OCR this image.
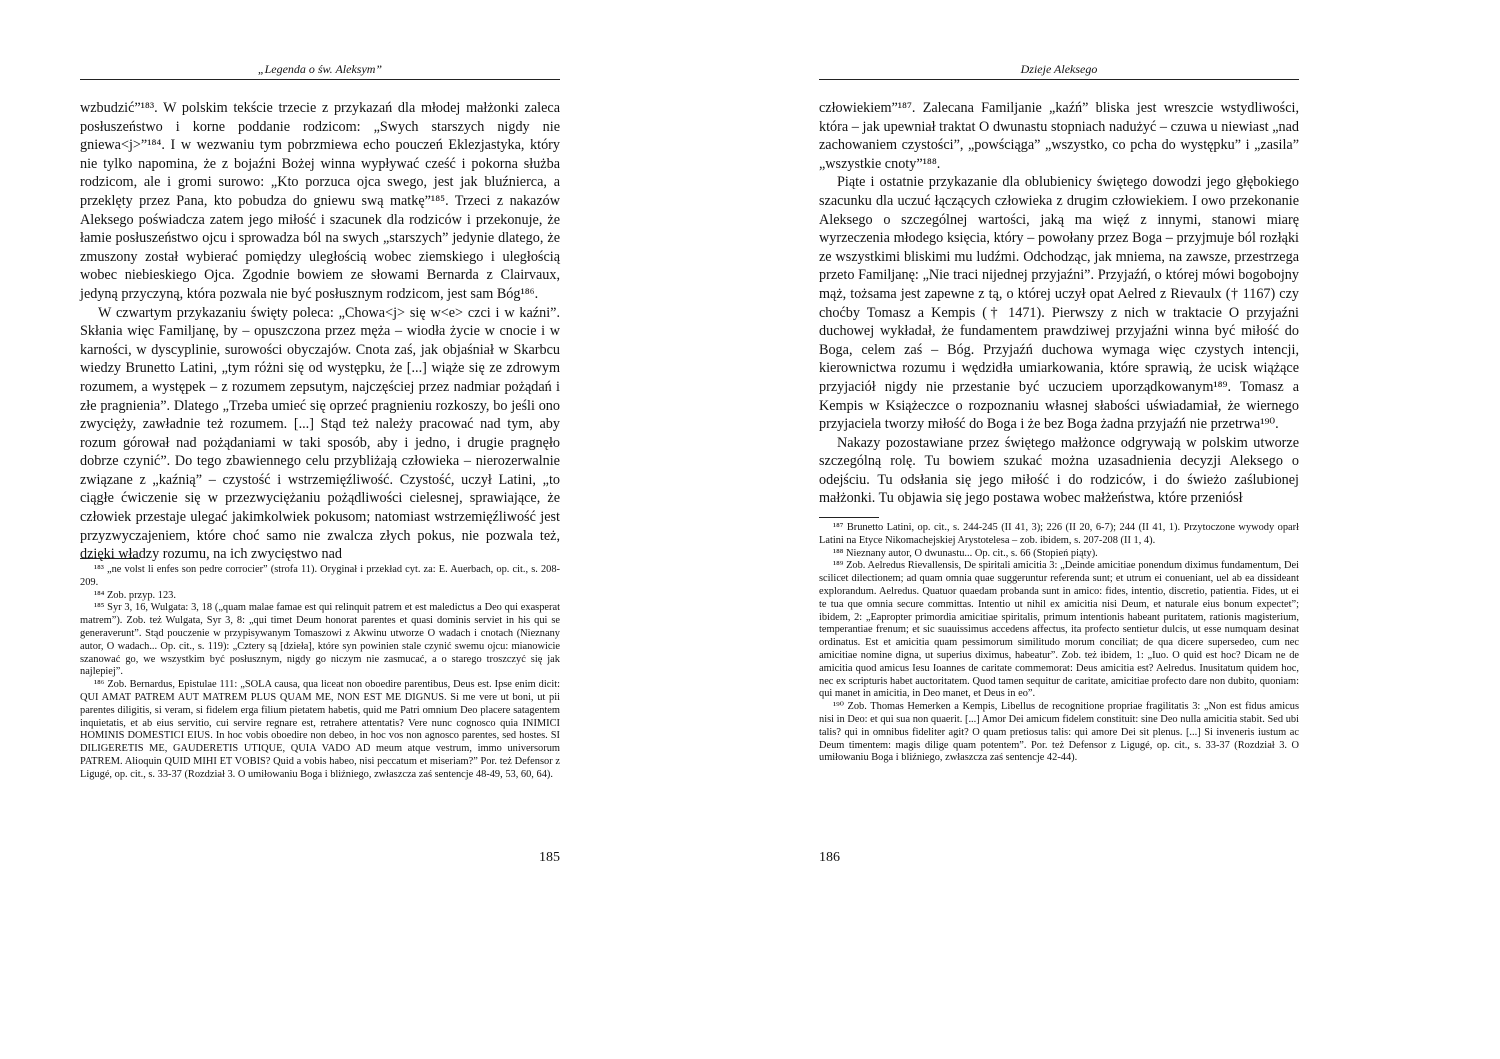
„Legenda o św. Aleksym”

wzbudzić”¹⁸³. W polskim tekście trzecie z przykazań dla młodej małżonki zaleca posłuszeństwo i korne poddanie rodzicom: „Swych starszych nigdy nie gniewa<j>”¹⁸⁴. I w wezwaniu tym pobrzmiewa echo pouczeń Eklezjastyka, który nie tylko napomina, że z bojaźni Bożej winna wypływać cześć i pokorna służba rodzicom, ale i gromi surowo: „Kto porzuca ojca swego, jest jak bluźnierca, a przeklęty przez Pana, kto pobudza do gniewu swą matkę”¹⁸⁵. Trzeci z nakazów Aleksego poświadcza zatem jego miłość i szacunek dla rodziców i przekonuje, że łamie posłuszeństwo ojcu i sprowadza ból na swych „starszych” jedynie dlatego, że zmuszony został wybierać pomiędzy uległością wobec ziemskiego i uległością wobec niebieskiego Ojca. Zgodnie bowiem ze słowami Bernarda z Clairvaux, jedyną przyczyną, która pozwala nie być posłusznym rodzicom, jest sam Bóg¹⁸⁶.

W czwartym przykazaniu święty poleca: „Chowa<j> się w<e> czci i w kaźni”. Skłania więc Familjanę, by – opuszczona przez męża – wiodła życie w cnocie i w karności, w dyscyplinie, surowości obyczajów. Cnota zaś, jak objaśniał w Skarbcu wiedzy Brunetto Latini, „tym różni się od występku, że [...] wiąże się ze zdrowym rozumem, a występek – z rozumem zepsutym, najczęściej przez nadmiar pożądań i złe pragnienia”. Dlatego „Trzeba umieć się oprzeć pragnieniu rozkoszy, bo jeśli ono zwycięży, zawładnie też rozumem. [...] Stąd też należy pracować nad tym, aby rozum górował nad pożądaniami w taki sposób, aby i jedno, i drugie pragnęło dobrze czynić”. Do tego zbawiennego celu przybliżają człowieka – nierozerwalnie związane z „kaźnią” – czystość i wstrzemięźliwość. Czystość, uczył Latini, „to ciągłe ćwiczenie się w przezwyciężaniu pożądliwości cielesnej, sprawiające, że człowiek przestaje ulegać jakimkolwiek pokusom; natomiast wstrzemięźliwość jest przyzwyczajeniem, które choć samo nie zwalcza złych pokus, nie pozwala też, dzięki władzy rozumu, na ich zwycięstwo nad

¹⁸³ „ne volst li enfes son pedre corrocier” (strofa 11). Oryginał i przekład cyt. za: E. Auerbach, op. cit., s. 208-209.

¹⁸⁴ Zob. przyp. 123.

¹⁸⁵ Syr 3, 16, Wulgata: 3, 18 („quam malae famae est qui relinquit patrem et est maledictus a Deo qui exasperat matrem”). Zob. też Wulgata, Syr 3, 8: „qui timet Deum honorat parentes et quasi dominis serviet in his qui se generaverunt”. Stąd pouczenie w przypisywanym Tomaszowi z Akwinu utworze O wadach i cnotach (Nieznany autor, O wadach... Op. cit., s. 119): „Cztery są [dzieła], które syn powinien stale czynić swemu ojcu: mianowicie szanować go, we wszystkim być posłusznym, nigdy go niczym nie zasmucać, a o starego troszczyć się jak najlepiej”.

¹⁸⁶ Zob. Bernardus, Epistulae 111: „SOLA causa, qua liceat non oboedire parentibus, Deus est. Ipse enim dicit: QUI AMAT PATREM AUT MATREM PLUS QUAM ME, NON EST ME DIGNUS. Si me vere ut boni, ut pii parentes diligitis, si veram, si fidelem erga filium pietatem habetis, quid me Patri omnium Deo placere satagentem inquietatis, et ab eius servitio, cui servire regnare est, retrahere attentatis? Vere nunc cognosco quia INIMICI HOMINIS DOMESTICI EIUS. In hoc vobis oboedire non debeo, in hoc vos non agnosco parentes, sed hostes. SI DILIGERETIS ME, GAUDERETIS UTIQUE, QUIA VADO AD meum atque vestrum, immo universorum PATREM. Alioquin QUID MIHI ET VOBIS? Quid a vobis habeo, nisi peccatum et miseriam?” Por. też Defensor z Ligugé, op. cit., s. 33-37 (Rozdział 3. O umiłowaniu Boga i bliźniego, zwłaszcza zaś sentencje 48-49, 53, 60, 64).

185
Dzieje Aleksego

człowiekiem”¹⁸⁷. Zalecana Familjanie „kaźń” bliska jest wreszcie wstydliwości, która – jak upewniał traktat O dwunastu stopniach nadużyć – czuwa u niewiast „nad zachowaniem czystości”, „powściąga” „wszystko, co pcha do występku” i „zasila” „wszystkie cnoty”¹⁸⁸.

Piąte i ostatnie przykazanie dla oblubienicy świętego dowodzi jego głębokiego szacunku dla uczuć łączących człowieka z drugim człowiekiem. I owo przekonanie Aleksego o szczególnej wartości, jaką ma więź z innymi, stanowi miarę wyrzeczenia młodego księcia, który – powołany przez Boga – przyjmuje ból rozłąki ze wszystkimi bliskimi mu ludźmi. Odchodząc, jak mniema, na zawsze, przestrzega przeto Familjanę: „Nie traci nijednej przyjaźni”. Przyjaźń, o której mówi bogobojny mąż, tożsama jest zapewne z tą, o której uczył opat Aelred z Rievaulx († 1167) czy choćby Tomasz a Kempis († 1471). Pierwszy z nich w traktacie O przyjaźni duchowej wykładał, że fundamentem prawdziwej przyjaźni winna być miłość do Boga, celem zaś – Bóg. Przyjaźń duchowa wymaga więc czystych intencji, kierownictwa rozumu i wędzidła umiarkowania, które sprawią, że ucisk wiążące przyjaciół nigdy nie przestanie być uczuciem uporządkowanym¹⁸⁹. Tomasz a Kempis w Książeczce o rozpoznaniu własnej słabości uświadamiał, że wiernego przyjaciela tworzy miłość do Boga i że bez Boga żadna przyjaźń nie przetrwa¹⁹⁰.

Nakazy pozostawiane przez świętego małżonce odgrywają w polskim utworze szczególną rolę. Tu bowiem szukać można uzasadnienia decyzji Aleksego o odejściu. Tu odsłania się jego miłość i do rodziców, i do świeżo zaślubionej małżonki. Tu objawia się jego postawa wobec małżeństwa, które przeniósł

¹⁸⁷ Brunetto Latini, op. cit., s. 244-245 (II 41, 3); 226 (II 20, 6-7); 244 (II 41, 1). Przytoczone wywody oparł Latini na Etyce Nikomachejskiej Arystotelesa – zob. ibidem, s. 207-208 (II 1, 4).

¹⁸⁸ Nieznany autor, O dwunastu... Op. cit., s. 66 (Stopień piąty).

¹⁸⁹ Zob. Aelredus Rievallensis, De spiritali amicitia 3: „Deinde amicitiae ponendum diximus fundamentum, Dei scilicet dilectionem; ad quam omnia quae suggeruntur referenda sunt; et utrum ei conueniant, uel ab ea dissideant explorandum. Aelredus. Quatuor quaedam probanda sunt in amico: fides, intentio, discretio, patientia. Fides, ut ei te tua que omnia secure committas. Intentio ut nihil ex amicitia nisi Deum, et naturale eius bonum expectet”; ibidem, 2: „Eapropter primordia amicitiae spiritalis, primum intentionis habeant puritatem, rationis magisterium, temperantiae frenum; et sic suauissimus accedens affectus, ita profecto sentietur dulcis, ut esse numquam desinat ordinatus. Est et amicitia quam pessimorum similitudo morum conciliat; de qua dicere supersedeo, cum nec amicitiae nomine digna, ut superius diximus, habeatur”. Zob. też ibidem, 1: „Iuo. O quid est hoc? Dicam ne de amicitia quod amicus Iesu Ioannes de caritate commemorat: Deus amicitia est? Aelredus. Inusitatum quidem hoc, nec ex scripturis habet auctoritatem. Quod tamen sequitur de caritate, amicitiae profecto dare non dubito, quoniam: qui manet in amicitia, in Deo manet, et Deus in eo”.

¹⁹⁰ Zob. Thomas Hemerken a Kempis, Libellus de recognitione propriae fragilitatis 3: „Non est fidus amicus nisi in Deo: et qui sua non quaerit. [...] Amor Dei amicum fidelem constituit: sine Deo nulla amicitia stabit. Sed ubi talis? qui in omnibus fideliter agit? O quam pretiosus talis: qui amore Dei sit plenus. [...] Si inveneris iustum ac Deum timentem: magis dilige quam potentem”. Por. też Defensor z Ligugé, op. cit., s. 33-37 (Rozdział 3. O umiłowaniu Boga i bliźniego, zwłaszcza zaś sentencje 42-44).

186
